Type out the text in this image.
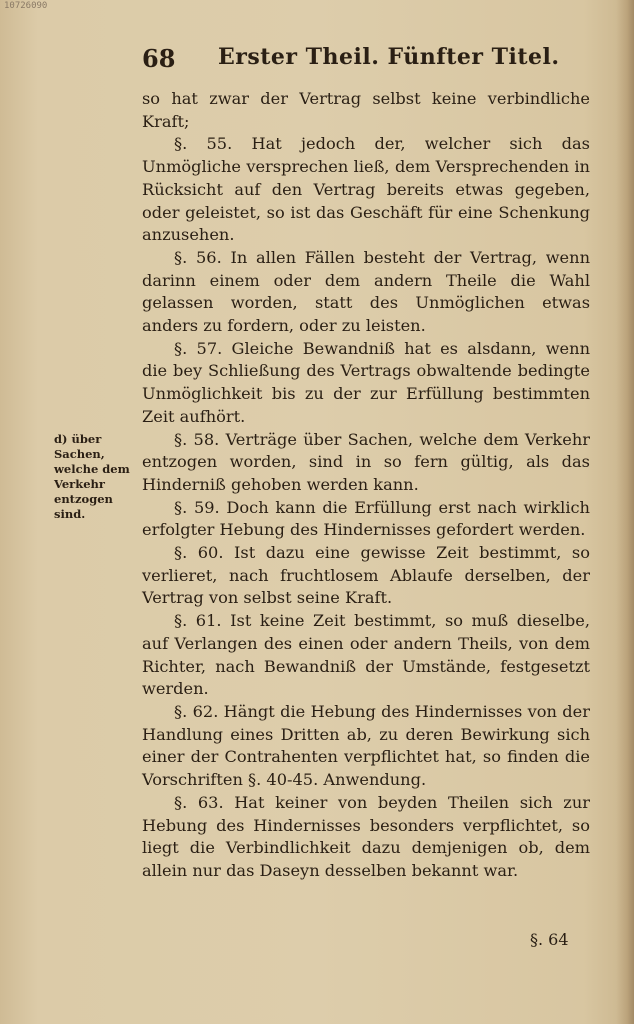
10726090
68 Erster Theil. Fünfter Titel.
d) über Sachen, welche dem Verkehr entzogen sind.

so hat zwar der Vertrag selbst keine verbindliche Kraft;

§. 55. Hat jedoch der, welcher sich das Unmögliche versprechen ließ, dem Versprechenden in Rücksicht auf den Vertrag bereits etwas gegeben, oder geleistet, so ist das Geschäft für eine Schenkung anzusehen.

§. 56. In allen Fällen besteht der Vertrag, wenn darinn einem oder dem andern Theile die Wahl gelassen worden, statt des Unmöglichen etwas anders zu fordern, oder zu leisten.

§. 57. Gleiche Bewandniß hat es alsdann, wenn die bey Schließung des Vertrags obwaltende bedingte Unmöglichkeit bis zu der zur Erfüllung bestimmten Zeit aufhört.

§. 58. Verträge über Sachen, welche dem Verkehr entzogen worden, sind in so fern gültig, als das Hinderniß gehoben werden kann.

§. 59. Doch kann die Erfüllung erst nach wirklich erfolgter Hebung des Hindernisses gefordert werden.

§. 60. Ist dazu eine gewisse Zeit bestimmt, so verlieret, nach fruchtlosem Ablaufe derselben, der Vertrag von selbst seine Kraft.

§. 61. Ist keine Zeit bestimmt, so muß dieselbe, auf Verlangen des einen oder andern Theils, von dem Richter, nach Bewandniß der Umstände, festgesetzt werden.

§. 62. Hängt die Hebung des Hindernisses von der Handlung eines Dritten ab, zu deren Bewirkung sich einer der Contrahenten verpflichtet hat, so finden die Vorschriften §. 40-45. Anwendung.

§. 63. Hat keiner von beyden Theilen sich zur Hebung des Hindernisses besonders verpflichtet, so liegt die Verbindlichkeit dazu demjenigen ob, dem allein nur das Daseyn desselben bekannt war.

§. 64
